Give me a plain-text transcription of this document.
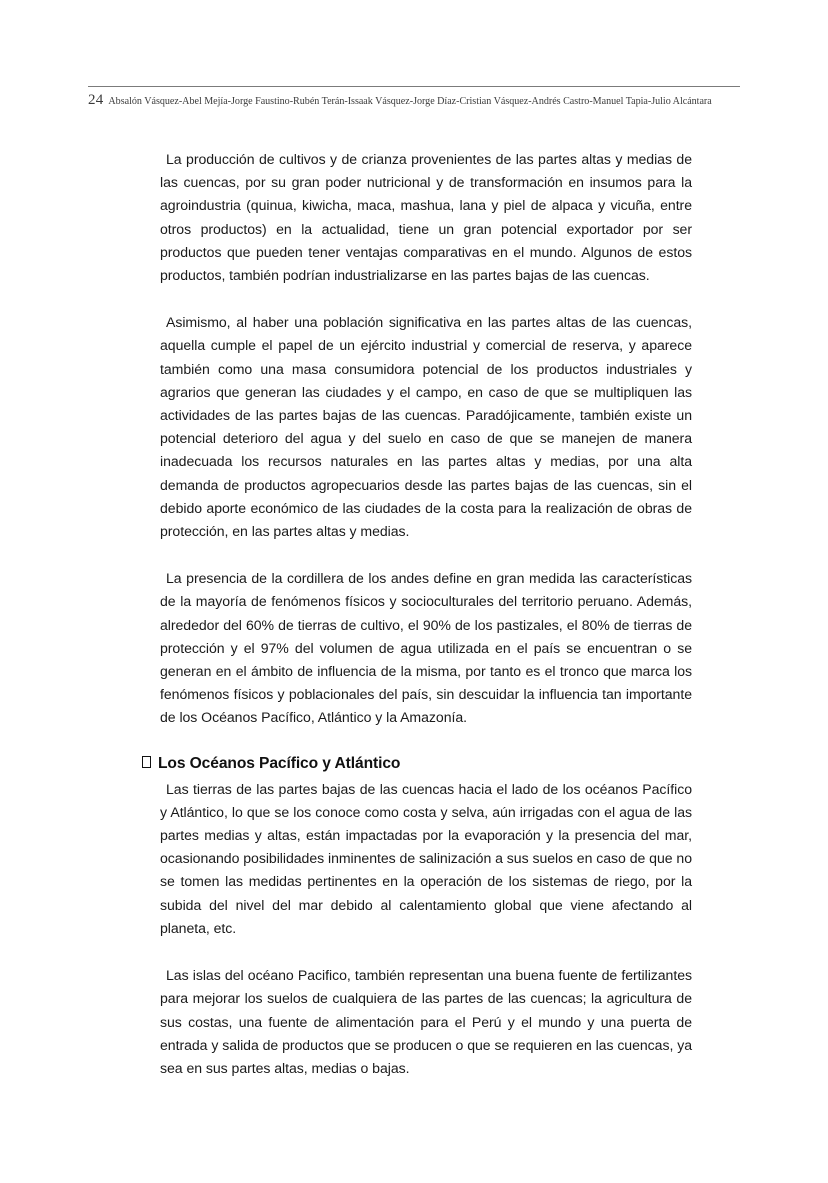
24 Absalón Vásquez-Abel Mejía-Jorge Faustino-Rubén Terán-Issaak Vásquez-Jorge Díaz-Cristian Vásquez-Andrés Castro-Manuel Tapia-Julio Alcántara

La producción de cultivos y de crianza provenientes de las partes altas y medias de las cuencas, por su gran poder nutricional y de transformación en insumos para la agroindustria (quinua, kiwicha, maca, mashua, lana y piel de alpaca y vicuña, entre otros productos) en la actualidad, tiene un gran potencial exportador por ser productos que pueden tener ventajas comparativas en el mundo. Algunos de estos productos, también podrían industrializarse en las partes bajas de las cuencas.

Asimismo, al haber una población significativa en las partes altas de las cuencas, aquella cumple el papel de un ejército industrial y comercial de reserva, y aparece también como una masa consumidora potencial de los productos industriales y agrarios que generan las ciudades y el campo, en caso de que se multipliquen las actividades de las partes bajas de las cuencas. Paradójicamente, también existe un potencial deterioro del agua y del suelo en caso de que se manejen de manera inadecuada los recursos naturales en las partes altas y medias, por una alta demanda de productos agropecuarios desde las partes bajas de las cuencas, sin el debido aporte económico de las ciudades de la costa para la realización de obras de protección, en las partes altas y medias.

La presencia de la cordillera de los andes define en gran medida las características de la mayoría de fenómenos físicos y socioculturales del territorio peruano. Además, alrededor del 60% de tierras de cultivo, el 90% de los pastizales, el 80% de tierras de protección y el 97% del volumen de agua utilizada en el país se encuentran o se generan en el ámbito de influencia de la misma, por tanto es el tronco que marca los fenómenos físicos y poblacionales del país, sin descuidar la influencia tan importante de los Océanos Pacífico, Atlántico y la Amazonía.

Los Océanos Pacífico y Atlántico

Las tierras de las partes bajas de las cuencas hacia el lado de los océanos Pacífico y Atlántico, lo que se los conoce como costa y selva, aún irrigadas con el agua de las partes medias y altas, están impactadas por la evaporación y la presencia del mar, ocasionando posibilidades inminentes de salinización a sus suelos en caso de que no se tomen las medidas pertinentes en la operación de los sistemas de riego, por la subida del nivel del mar debido al calentamiento global que viene afectando al planeta, etc.

Las islas del océano Pacifico, también representan una buena fuente de fertilizantes para mejorar los suelos de cualquiera de las partes de las cuencas; la agricultura de sus costas, una fuente de alimentación para el Perú y el mundo y una puerta de entrada y salida de productos que se producen o que se requieren en las cuencas, ya sea en sus partes altas, medias o bajas.
